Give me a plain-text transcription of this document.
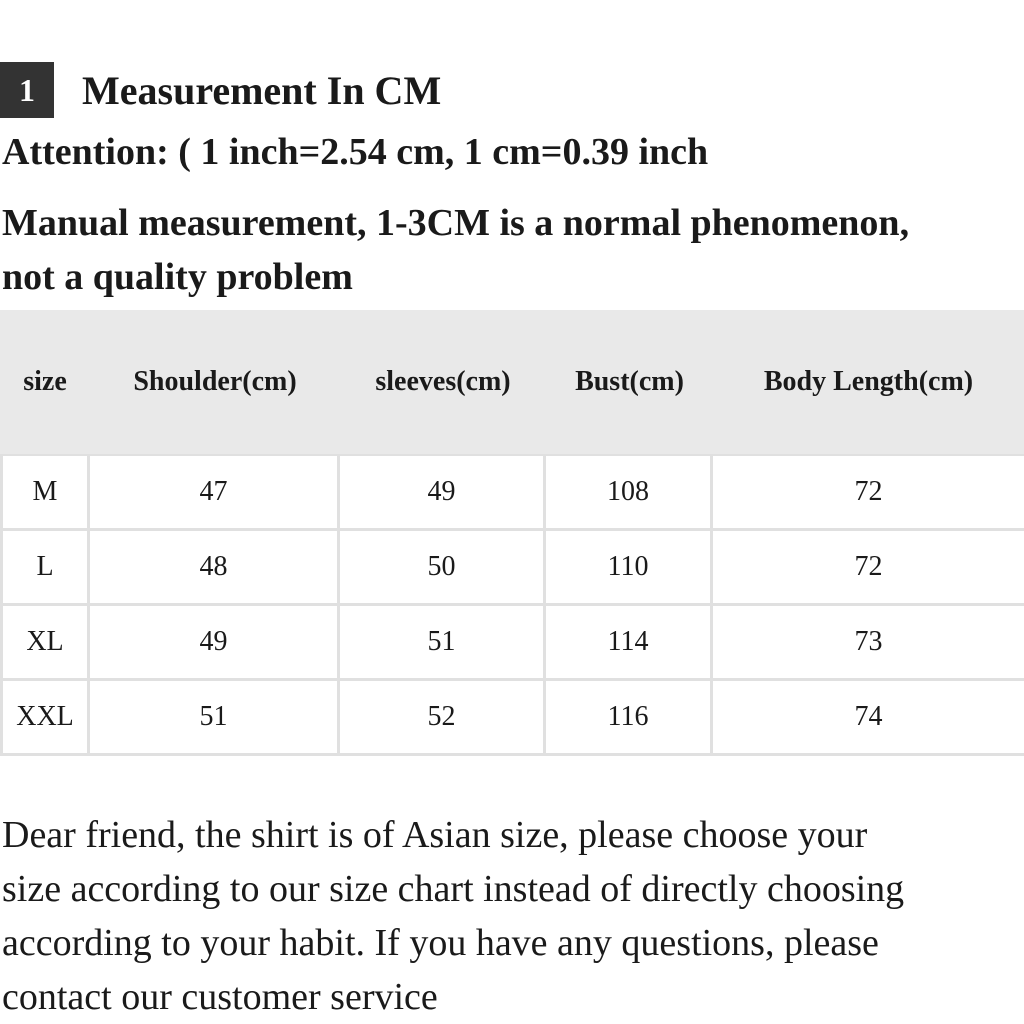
1	Measurement In CM
Attention: ( 1 inch=2.54 cm, 1 cm=0.39 inch
Manual measurement, 1-3CM is a normal phenomenon,
not a quality problem
size	Shoulder(cm)	sleeves(cm)	Bust(cm)	Body Length(cm)
M	47	49	108	72
L	48	50	110	72
XL	49	51	114	73
XXL	51	52	116	74
Dear friend, the shirt is of Asian size, please choose your
size according to our size chart instead of directly choosing
according to your habit. If you have any questions, please
contact our customer service
